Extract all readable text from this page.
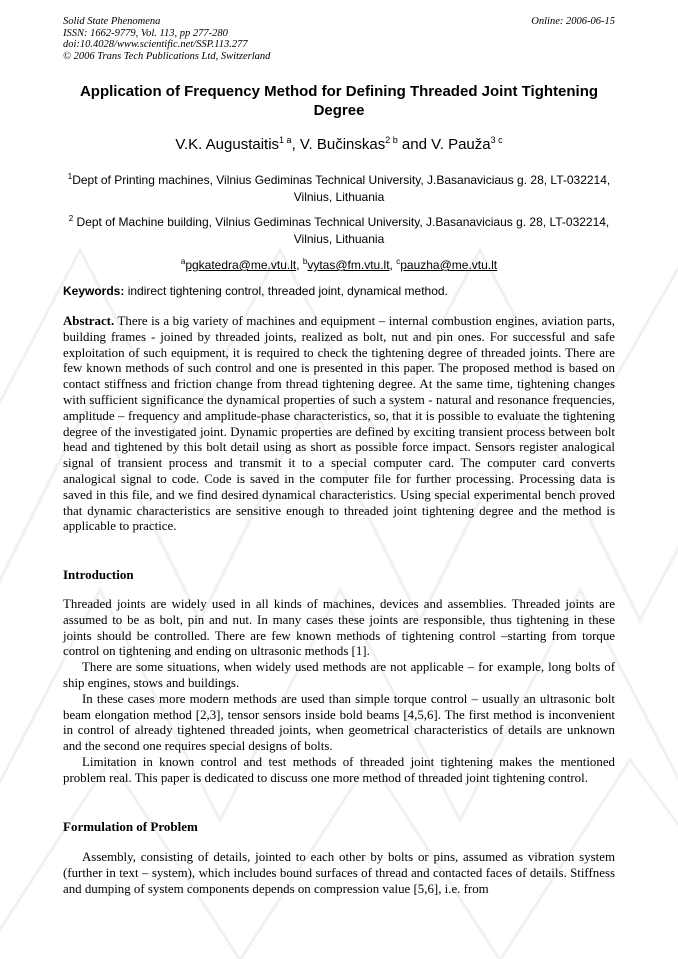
Solid State Phenomena
ISSN: 1662-9779, Vol. 113, pp 277-280
doi:10.4028/www.scientific.net/SSP.113.277
© 2006 Trans Tech Publications Ltd, Switzerland
Online: 2006-06-15
Application of Frequency Method for Defining Threaded Joint Tightening Degree
V.K. Augustaitis$^{1 a}$, V. Bučinskas$^{2 b}$ and V. Pauža$^{3 c}$
$^1$Dept of Printing machines, Vilnius Gediminas Technical University, J.Basanaviciaus g. 28, LT-032214, Vilnius, Lithuania
$^2$ Dept of Machine building, Vilnius Gediminas Technical University, J.Basanaviciaus g. 28, LT-032214, Vilnius, Lithuania
$^a$pgkatedra@me.vtu.lt, $^b$vytas@fm.vtu.lt, $^c$pauzha@me.vtu.lt
Keywords: indirect tightening control, threaded joint, dynamical method.

Abstract. There is a big variety of machines and equipment – internal combustion engines, aviation parts, building frames - joined by threaded joints, realized as bolt, nut and pin ones. For successful and safe exploitation of such equipment, it is required to check the tightening degree of threaded joints. There are few known methods of such control and one is presented in this paper. The proposed method is based on contact stiffness and friction change from thread tightening degree. At the same time, tightening changes with sufficient significance the dynamical properties of such a system - natural and resonance frequencies, amplitude – frequency and amplitude-phase characteristics, so, that it is possible to evaluate the tightening degree of the investigated joint. Dynamic properties are defined by exciting transient process between bolt head and tightened by this bolt detail using as short as possible force impact. Sensors register analogical signal of transient process and transmit it to a special computer card. The computer card converts analogical signal to code. Code is saved in the computer file for further processing. Processing data is saved in this file, and we find desired dynamical characteristics. Using special experimental bench proved that dynamic characteristics are sensitive enough to threaded joint tightening degree and the method is applicable to practice.

Introduction

Threaded joints are widely used in all kinds of machines, devices and assemblies. Threaded joints are assumed to be as bolt, pin and nut. In many cases these joints are responsible, thus tightening in these joints should be controlled. There are few known methods of tightening control –starting from torque control on tightening and ending on ultrasonic methods [1].

There are some situations, when widely used methods are not applicable – for example, long bolts of ship engines, stows and buildings.

In these cases more modern methods are used than simple torque control – usually an ultrasonic bolt beam elongation method [2,3], tensor sensors inside bold beams [4,5,6]. The first method is inconvenient in control of already tightened threaded joints, when geometrical characteristics of details are unknown and the second one requires special designs of bolts.

Limitation in known control and test methods of threaded joint tightening makes the mentioned problem real. This paper is dedicated to discuss one more method of threaded joint tightening control.

Formulation of Problem

Assembly, consisting of details, jointed to each other by bolts or pins, assumed as vibration system (further in text – system), which includes bound surfaces of thread and contacted faces of details. Stiffness and dumping of system components depends on compression value [5,6], i.e. from
